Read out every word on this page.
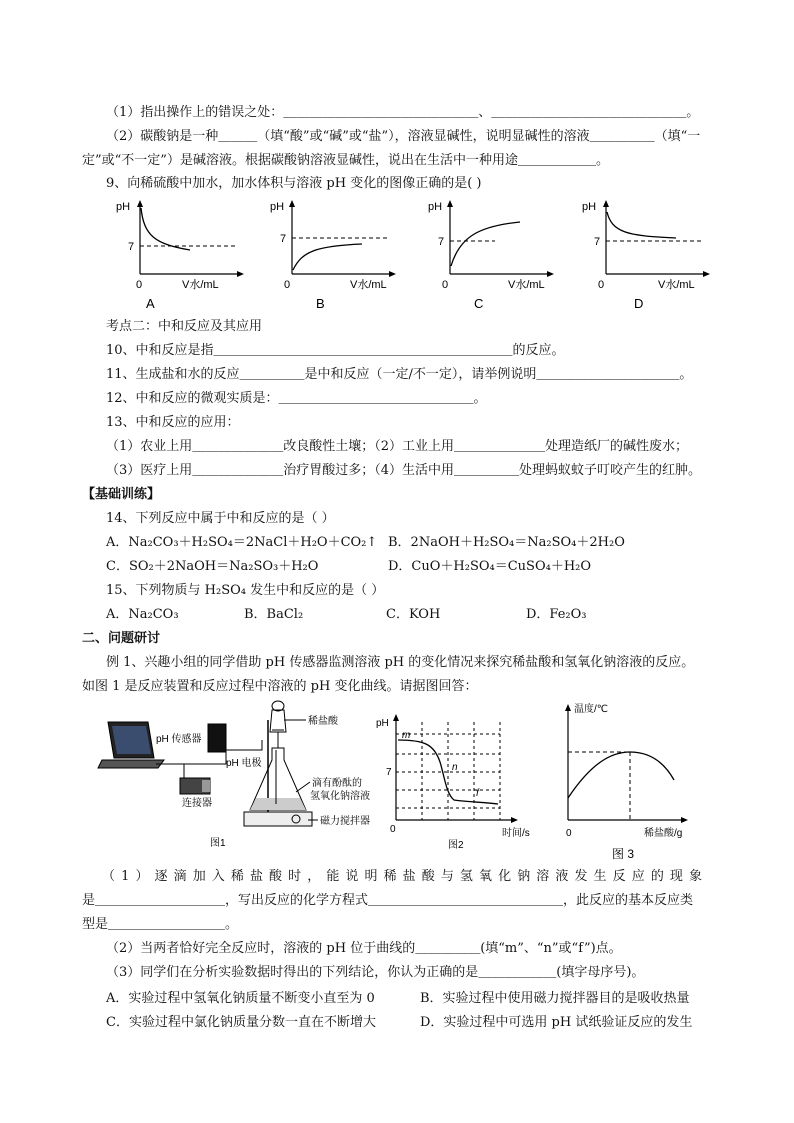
（1）指出操作上的错误之处：＿＿＿＿＿＿＿＿＿＿＿＿＿＿＿、＿＿＿＿＿＿＿＿＿＿＿＿＿＿＿。
（2）碳酸钠是一种＿＿＿（填“酸”或“碱”或“盐”），溶液显碱性，说明显碱性的溶液＿＿＿＿＿（填“一
定”或“不一定”）是碱溶液。根据碳酸钠溶液显碱性，说出在生活中一种用途＿＿＿＿＿＿。
9、向稀硫酸中加水，加水体积与溶液 pH 变化的图像正确的是( )
pH
7
0	V水/mL
A
pH
7
0	V水/mL
B
pH
7
0	V水/mL
C
pH
7
0	V水/mL
D
考点二：中和反应及其应用
10、中和反应是指＿＿＿＿＿＿＿＿＿＿＿＿＿＿＿＿＿＿＿＿＿＿＿的反应。
11、生成盐和水的反应＿＿＿＿＿是中和反应（一定/不一定），请举例说明＿＿＿＿＿＿＿＿＿＿＿。
12、中和反应的微观实质是：＿＿＿＿＿＿＿＿＿＿＿＿＿＿＿。
13、中和反应的应用：
（1）农业上用＿＿＿＿＿＿＿改良酸性土壤；（2）工业上用＿＿＿＿＿＿＿处理造纸厂的碱性废水；
（3）医疗上用＿＿＿＿＿＿＿治疗胃酸过多；（4）生活中用＿＿＿＿＿处理蚂蚁蚊子叮咬产生的红肿。
【基础训练】
14、下列反应中属于中和反应的是（ ）
A．Na₂CO₃＋H₂SO₄＝2NaCl＋H₂O＋CO₂↑ B．2NaOH＋H₂SO₄＝Na₂SO₄＋2H₂O
C．SO₂＋2NaOH＝Na₂SO₃＋H₂O	D．CuO＋H₂SO₄＝CuSO₄＋H₂O
15、下列物质与 H₂SO₄ 发生中和反应的是（ ）
A．Na₂CO₃	B．BaCl₂	C．KOH	D．Fe₂O₃
二、问题研讨
例 1、兴趣小组的同学借助 pH 传感器监测溶液 pH 的变化情况来探究稀盐酸和氢氧化钠溶液的反应。
如图 1 是反应装置和反应过程中溶液的 pH 变化曲线。请据图回答：
稀盐酸
pH 传感器
pH 电极
连接器
滴有酚酞的
氢氧化钠溶液
磁力搅拌器
图1
pH
7
m
n
f
0	时间/s
图2
温度/℃
0	稀盐酸/g
图 3
（1）逐滴加入稀盐酸时，能说明稀盐酸与氢氧化钠溶液发生反应的现象
是＿＿＿＿＿＿＿＿＿＿，写出反应的化学方程式＿＿＿＿＿＿＿＿＿＿＿＿＿＿＿，此反应的基本反应类
型是＿＿＿＿＿＿＿＿＿。
（2）当两者恰好完全反应时，溶液的 pH 位于曲线的＿＿＿＿＿(填“m”、“n”或“f”)点。
（3）同学们在分析实验数据时得出的下列结论，你认为正确的是＿＿＿＿＿＿(填字母序号)。
A．实验过程中氢氧化钠质量不断变小直至为 0	B．实验过程中使用磁力搅拌器目的是吸收热量
C．实验过程中氯化钠质量分数一直在不断增大	D．实验过程中可选用 pH 试纸验证反应的发生
